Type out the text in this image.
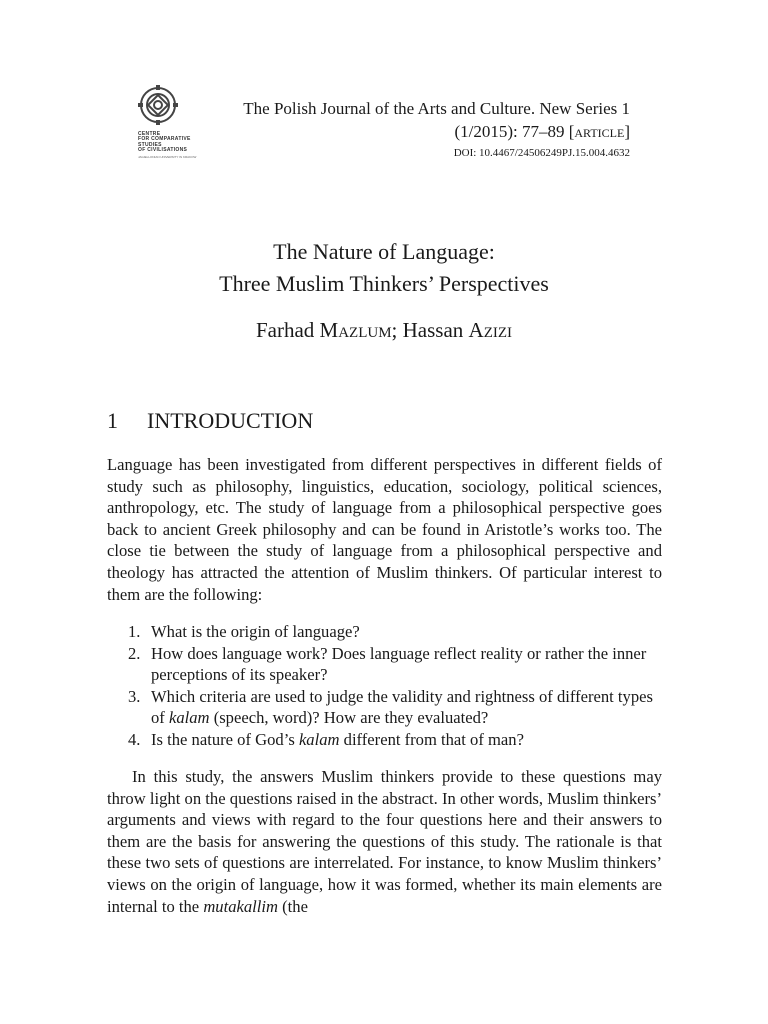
CENTRE
FOR COMPARATIVE
STUDIES
OF CIVILISATIONS
JAGIELLONIAN UNIVERSITY IN KRAKOW
The Polish Journal of the Arts and Culture. New Series 1
(1/2015): 77–89 [article]
DOI: 10.4467/24506249PJ.15.004.4632
The Nature of Language:
Three Muslim Thinkers’ Perspectives
Farhad Mazlum; Hassan Azizi
1 INTRODUCTION
Language has been investigated from different perspectives in different fields of study such as philosophy, linguistics, education, sociology, political sciences, anthropology, etc. The study of language from a philosophical perspective goes back to ancient Greek philosophy and can be found in Aristotle’s works too. The close tie between the study of language from a philosophical perspective and theology has attracted the attention of Muslim thinkers. Of particular interest to them are the following:
1. What is the origin of language?
2. How does language work? Does language reflect reality or rather the inner perceptions of its speaker?
3. Which criteria are used to judge the validity and rightness of different types of kalam (speech, word)? How are they evaluated?
4. Is the nature of God’s kalam different from that of man?
In this study, the answers Muslim thinkers provide to these questions may throw light on the questions raised in the abstract. In other words, Muslim thinkers’ arguments and views with regard to the four questions here and their answers to them are the basis for answering the questions of this study. The rationale is that these two sets of questions are interrelated. For instance, to know Muslim thinkers’ views on the origin of language, how it was formed, whether its main elements are internal to the mutakallim (the
